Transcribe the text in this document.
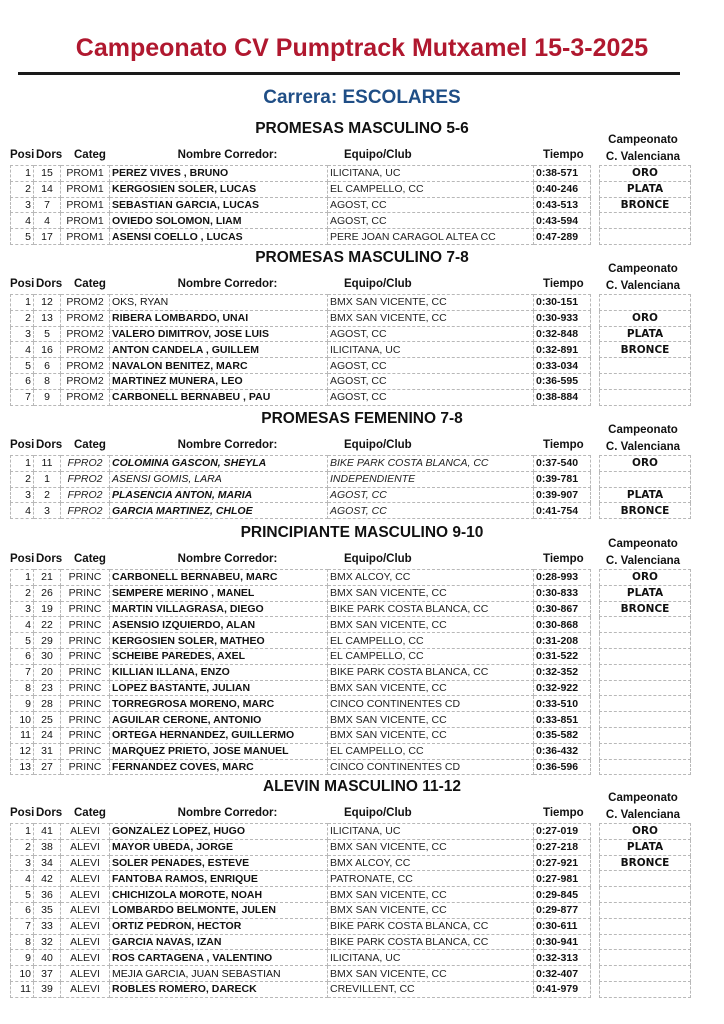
Campeonato CV Pumptrack Mutxamel 15-3-2025
Carrera: ESCOLARES
PROMESAS MASCULINO 5-6
Campeonato
C. Valenciana
Posi Dors	Categ	Nombre Corredor:	Equipo/Club	Tiempo
1	15	PROM1	PEREZ VIVES , BRUNO	ILICITANA, UC	0:38-571		ORO
2	14	PROM1	KERGOSIEN SOLER, LUCAS	EL CAMPELLO, CC	0:40-246		PLATA
3	7	PROM1	SEBASTIAN GARCIA, LUCAS	AGOST, CC	0:43-513		BRONCE
4	4	PROM1	OVIEDO SOLOMON, LIAM	AGOST, CC	0:43-594		
5	17	PROM1	ASENSI COELLO , LUCAS	PERE JOAN CARAGOL ALTEA CC	0:47-289		
PROMESAS MASCULINO 7-8
Campeonato
C. Valenciana
Posi Dors	Categ	Nombre Corredor:	Equipo/Club	Tiempo
1	12	PROM2	OKS, RYAN	BMX SAN VICENTE, CC	0:30-151		
2	13	PROM2	RIBERA LOMBARDO, UNAI	BMX SAN VICENTE, CC	0:30-933		ORO
3	5	PROM2	VALERO DIMITROV, JOSE LUIS	AGOST, CC	0:32-848		PLATA
4	16	PROM2	ANTON CANDELA , GUILLEM	ILICITANA, UC	0:32-891		BRONCE
5	6	PROM2	NAVALON BENITEZ, MARC	AGOST, CC	0:33-034		
6	8	PROM2	MARTINEZ MUNERA, LEO	AGOST, CC	0:36-595		
7	9	PROM2	CARBONELL BERNABEU , PAU	AGOST, CC	0:38-884		
PROMESAS FEMENINO 7-8
Campeonato
C. Valenciana
Posi Dors	Categ	Nombre Corredor:	Equipo/Club	Tiempo
1	11	FPRO2	COLOMINA GASCON, SHEYLA	BIKE PARK COSTA BLANCA, CC	0:37-540		ORO
2	1	FPRO2	ASENSI GOMIS, LARA	INDEPENDIENTE	0:39-781		
3	2	FPRO2	PLASENCIA ANTON, MARIA	AGOST, CC	0:39-907		PLATA
4	3	FPRO2	GARCIA MARTINEZ, CHLOE	AGOST, CC	0:41-754		BRONCE
PRINCIPIANTE MASCULINO 9-10
Campeonato
C. Valenciana
Posi Dors	Categ	Nombre Corredor:	Equipo/Club	Tiempo
1	21	PRINC	CARBONELL BERNABEU, MARC	BMX ALCOY, CC	0:28-993		ORO
2	26	PRINC	SEMPERE MERINO , MANEL	BMX SAN VICENTE, CC	0:30-833		PLATA
3	19	PRINC	MARTIN VILLAGRASA, DIEGO	BIKE PARK COSTA BLANCA, CC	0:30-867		BRONCE
4	22	PRINC	ASENSIO IZQUIERDO, ALAN	BMX SAN VICENTE, CC	0:30-868		
5	29	PRINC	KERGOSIEN SOLER, MATHEO	EL CAMPELLO, CC	0:31-208		
6	30	PRINC	SCHEIBE PAREDES, AXEL	EL CAMPELLO, CC	0:31-522		
7	20	PRINC	KILLIAN ILLANA, ENZO	BIKE PARK COSTA BLANCA, CC	0:32-352		
8	23	PRINC	LOPEZ BASTANTE, JULIAN	BMX SAN VICENTE, CC	0:32-922		
9	28	PRINC	TORREGROSA MORENO, MARC	CINCO CONTINENTES CD	0:33-510		
10	25	PRINC	AGUILAR CERONE, ANTONIO	BMX SAN VICENTE, CC	0:33-851		
11	24	PRINC	ORTEGA HERNANDEZ, GUILLERMO	BMX SAN VICENTE, CC	0:35-582		
12	31	PRINC	MARQUEZ PRIETO, JOSE MANUEL	EL CAMPELLO, CC	0:36-432		
13	27	PRINC	FERNANDEZ COVES, MARC	CINCO CONTINENTES CD	0:36-596		
ALEVIN MASCULINO 11-12
Campeonato
C. Valenciana
Posi Dors	Categ	Nombre Corredor:	Equipo/Club	Tiempo
1	41	ALEVI	GONZALEZ LOPEZ, HUGO	ILICITANA, UC	0:27-019		ORO
2	38	ALEVI	MAYOR UBEDA, JORGE	BMX SAN VICENTE, CC	0:27-218		PLATA
3	34	ALEVI	SOLER PENADES, ESTEVE	BMX ALCOY, CC	0:27-921		BRONCE
4	42	ALEVI	FANTOBA RAMOS, ENRIQUE	PATRONATE, CC	0:27-981		
5	36	ALEVI	CHICHIZOLA MOROTE, NOAH	BMX SAN VICENTE, CC	0:29-845		
6	35	ALEVI	LOMBARDO BELMONTE, JULEN	BMX SAN VICENTE, CC	0:29-877		
7	33	ALEVI	ORTIZ PEDRON, HECTOR	BIKE PARK COSTA BLANCA, CC	0:30-611		
8	32	ALEVI	GARCIA NAVAS, IZAN	BIKE PARK COSTA BLANCA, CC	0:30-941		
9	40	ALEVI	ROS CARTAGENA , VALENTINO	ILICITANA, UC	0:32-313		
10	37	ALEVI	MEJIA GARCIA, JUAN SEBASTIAN	BMX SAN VICENTE, CC	0:32-407		
11	39	ALEVI	ROBLES ROMERO, DARECK	CREVILLENT, CC	0:41-979		
